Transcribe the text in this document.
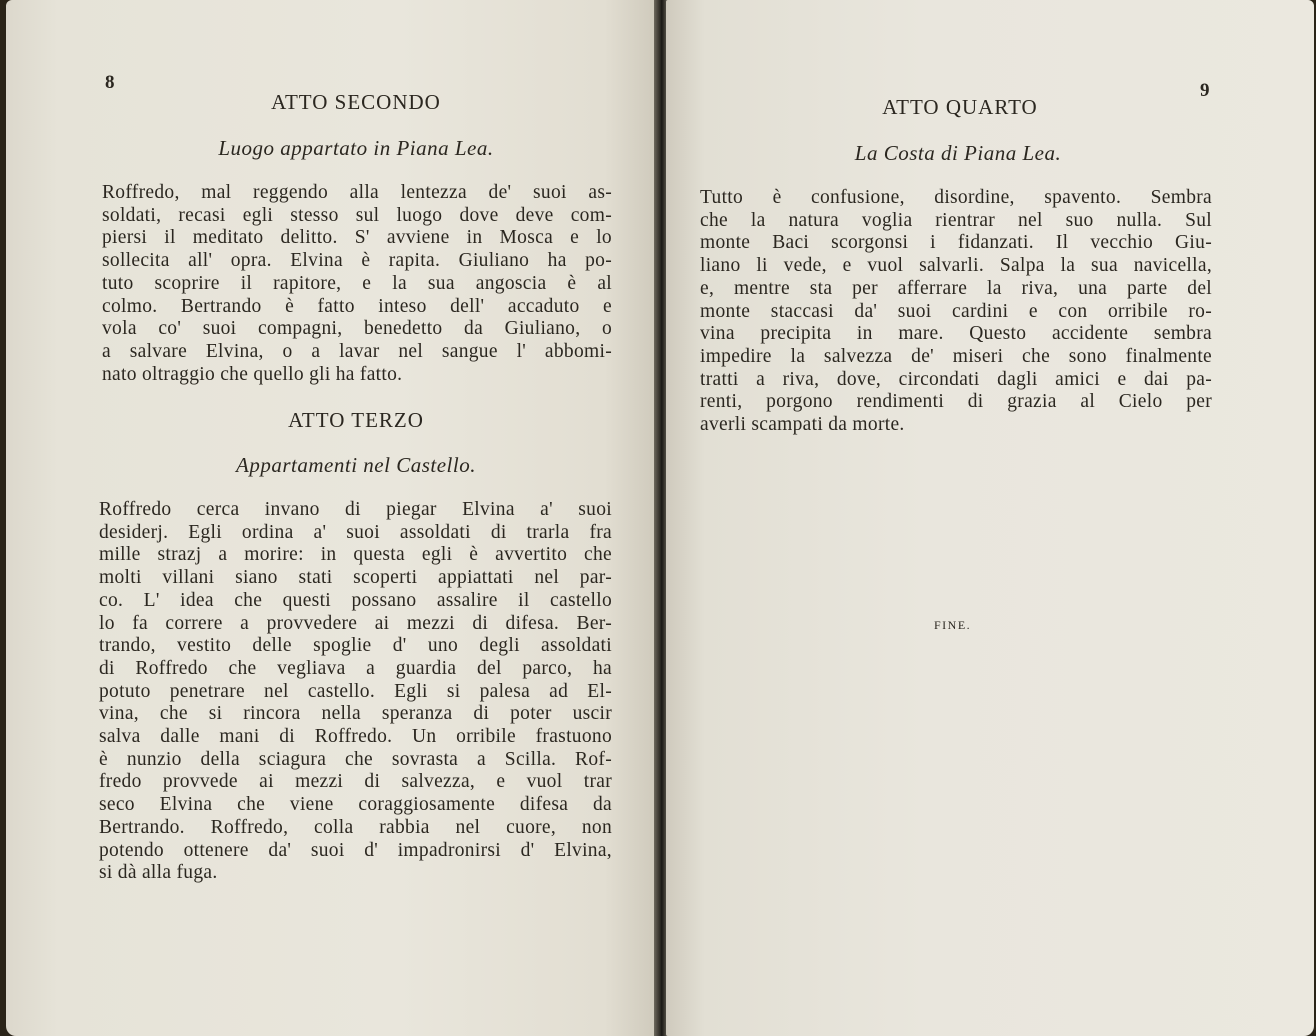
8
ATTO SECONDO
Luogo appartato in Piana Lea.
Roffredo, mal reggendo alla lentezza de' suoi as-
soldati, recasi egli stesso sul luogo dove deve com-
piersi il meditato delitto. S' avviene in Mosca e lo
sollecita all' opra. Elvina è rapita. Giuliano ha po-
tuto scoprire il rapitore, e la sua angoscia è al
colmo. Bertrando è fatto inteso dell' accaduto e
vola co' suoi compagni, benedetto da Giuliano, o
a salvare Elvina, o a lavar nel sangue l' abbomi-
nato oltraggio che quello gli ha fatto.
ATTO TERZO
Appartamenti nel Castello.
Roffredo cerca invano di piegar Elvina a' suoi
desiderj. Egli ordina a' suoi assoldati di trarla fra
mille strazj a morire: in questa egli è avvertito che
molti villani siano stati scoperti appiattati nel par-
co. L' idea che questi possano assalire il castello
lo fa correre a provvedere ai mezzi di difesa. Ber-
trando, vestito delle spoglie d' uno degli assoldati
di Roffredo che vegliava a guardia del parco, ha
potuto penetrare nel castello. Egli si palesa ad El-
vina, che si rincora nella speranza di poter uscir
salva dalle mani di Roffredo. Un orribile frastuono
è nunzio della sciagura che sovrasta a Scilla. Rof-
fredo provvede ai mezzi di salvezza, e vuol trar
seco Elvina che viene coraggiosamente difesa da
Bertrando. Roffredo, colla rabbia nel cuore, non
potendo ottenere da' suoi d' impadronirsi d' Elvina,
si dà alla fuga.
9
ATTO QUARTO
La Costa di Piana Lea.
Tutto è confusione, disordine, spavento. Sembra
che la natura voglia rientrar nel suo nulla. Sul
monte Baci scorgonsi i fidanzati. Il vecchio Giu-
liano li vede, e vuol salvarli. Salpa la sua navicella,
e, mentre sta per afferrare la riva, una parte del
monte staccasi da' suoi cardini e con orribile ro-
vina precipita in mare. Questo accidente sembra
impedire la salvezza de' miseri che sono finalmente
tratti a riva, dove, circondati dagli amici e dai pa-
renti, porgono rendimenti di grazia al Cielo per
averli scampati da morte.
FINE.
